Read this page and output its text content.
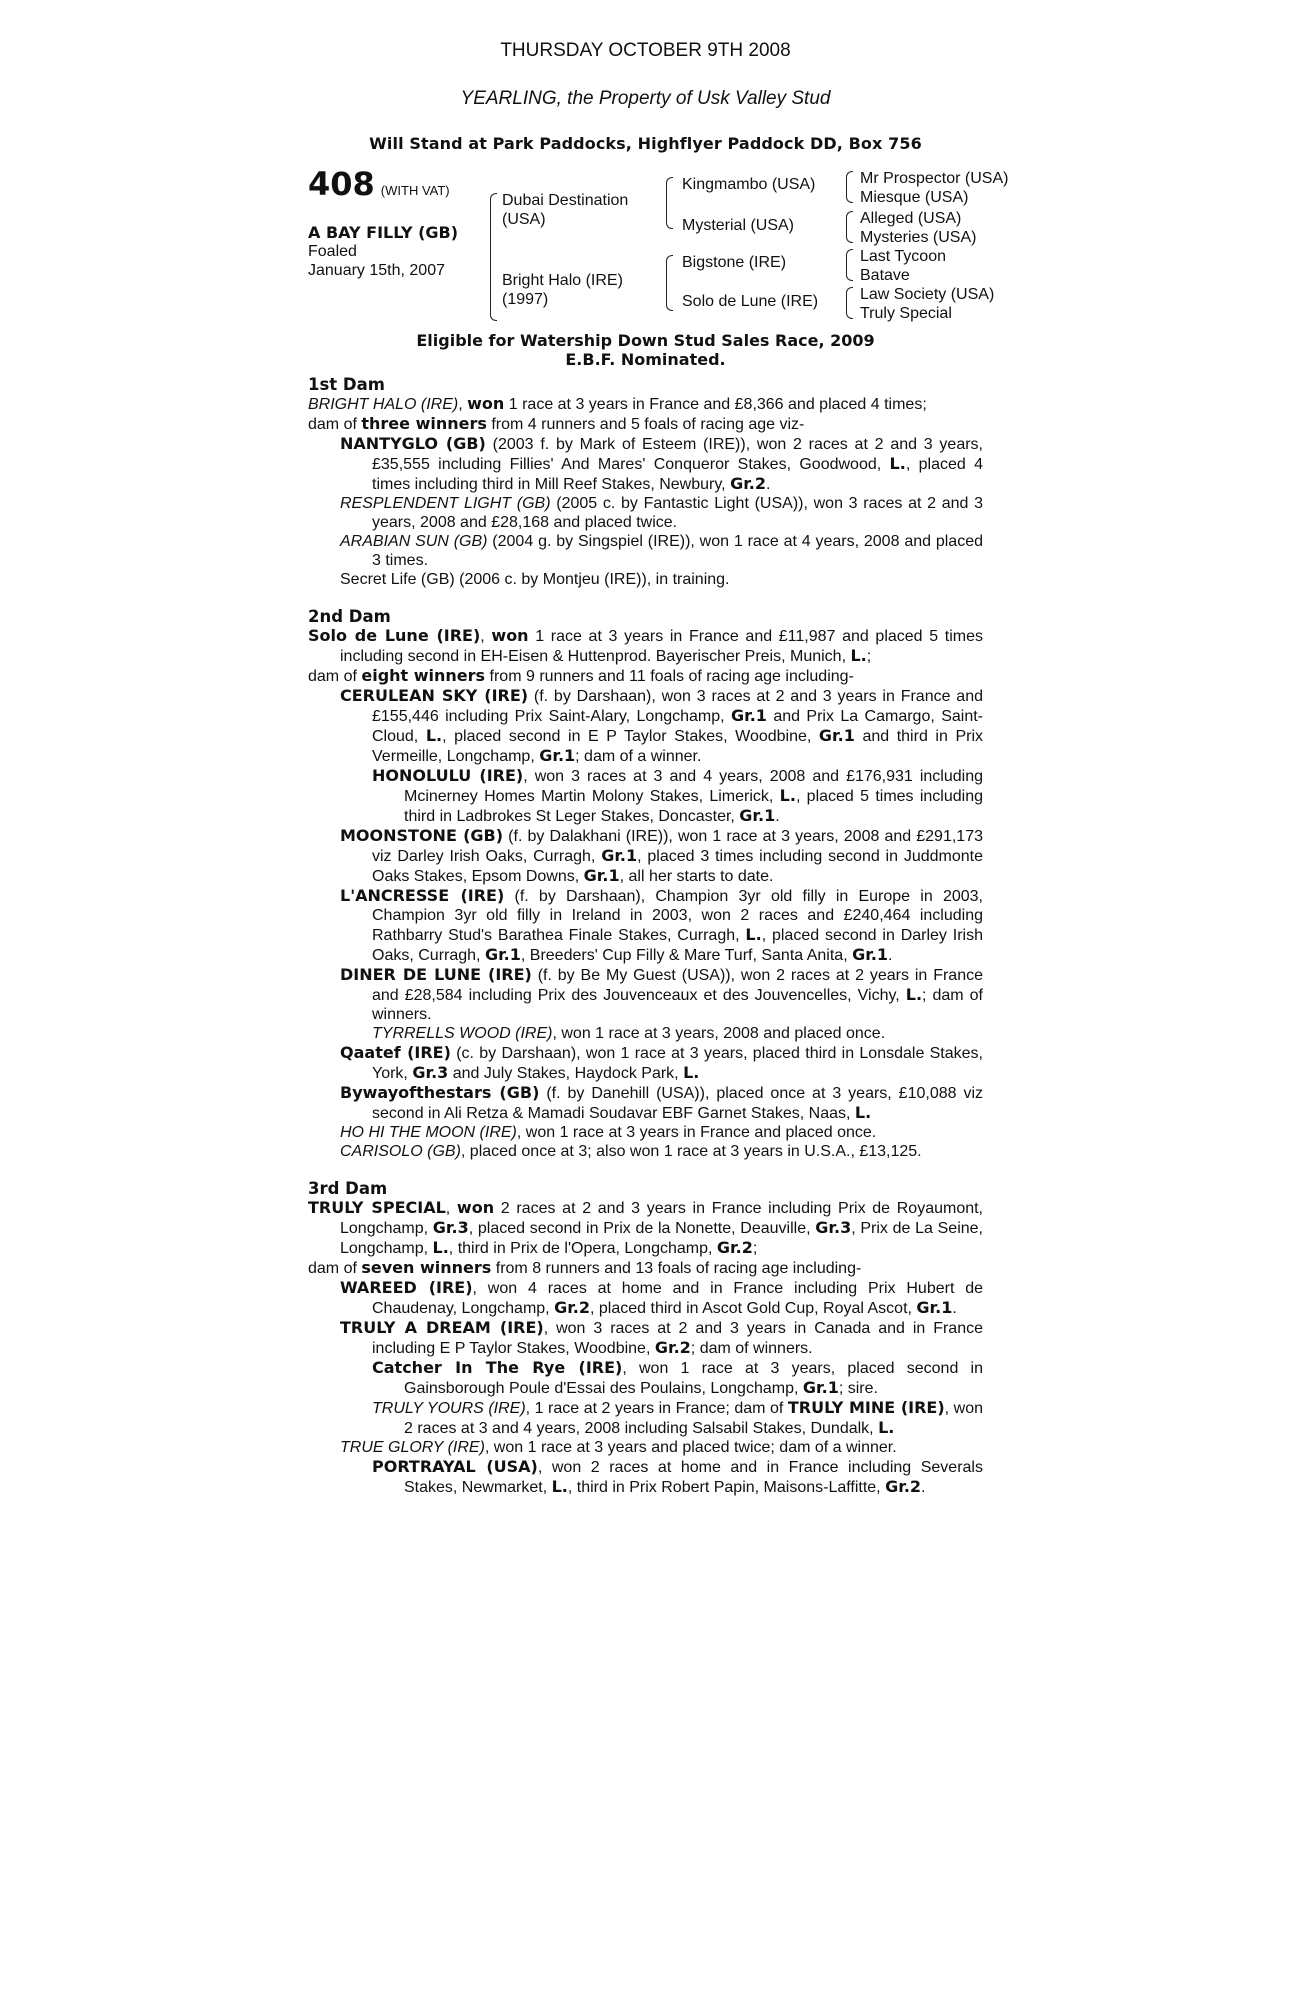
THURSDAY OCTOBER 9TH 2008
YEARLING, the Property of Usk Valley Stud
Will Stand at Park Paddocks, Highflyer Paddock DD, Box 756
408 (WITH VAT)
A BAY FILLY (GB)
Foaled
January 15th, 2007
Dubai Destination
(USA)
Bright Halo (IRE)
(1997)
Kingmambo (USA)
Mysterial (USA)
Bigstone (IRE)
Solo de Lune (IRE)
Mr Prospector (USA)
Miesque (USA)
Alleged (USA)
Mysteries (USA)
Last Tycoon
Batave
Law Society (USA)
Truly Special

Eligible for Watership Down Stud Sales Race, 2009

E.B.F. Nominated.

1st Dam

BRIGHT HALO (IRE), won 1 race at 3 years in France and £8,366 and placed 4 times;

dam of three winners from 4 runners and 5 foals of racing age viz-

NANTYGLO (GB) (2003 f. by Mark of Esteem (IRE)), won 2 races at 2 and 3 years, £35,555 including Fillies' And Mares' Conqueror Stakes, Goodwood, L., placed 4 times including third in Mill Reef Stakes, Newbury, Gr.2.

RESPLENDENT LIGHT (GB) (2005 c. by Fantastic Light (USA)), won 3 races at 2 and 3 years, 2008 and £28,168 and placed twice.

ARABIAN SUN (GB) (2004 g. by Singspiel (IRE)), won 1 race at 4 years, 2008 and placed 3 times.

Secret Life (GB) (2006 c. by Montjeu (IRE)), in training.

2nd Dam

Solo de Lune (IRE), won 1 race at 3 years in France and £11,987 and placed 5 times including second in EH-Eisen & Huttenprod. Bayerischer Preis, Munich, L.;

dam of eight winners from 9 runners and 11 foals of racing age including-

CERULEAN SKY (IRE) (f. by Darshaan), won 3 races at 2 and 3 years in France and £155,446 including Prix Saint-Alary, Longchamp, Gr.1 and Prix La Camargo, Saint-Cloud, L., placed second in E P Taylor Stakes, Woodbine, Gr.1 and third in Prix Vermeille, Longchamp, Gr.1; dam of a winner.

HONOLULU (IRE), won 3 races at 3 and 4 years, 2008 and £176,931 including Mcinerney Homes Martin Molony Stakes, Limerick, L., placed 5 times including third in Ladbrokes St Leger Stakes, Doncaster, Gr.1.

MOONSTONE (GB) (f. by Dalakhani (IRE)), won 1 race at 3 years, 2008 and £291,173 viz Darley Irish Oaks, Curragh, Gr.1, placed 3 times including second in Juddmonte Oaks Stakes, Epsom Downs, Gr.1, all her starts to date.

L'ANCRESSE (IRE) (f. by Darshaan), Champion 3yr old filly in Europe in 2003, Champion 3yr old filly in Ireland in 2003, won 2 races and £240,464 including Rathbarry Stud's Barathea Finale Stakes, Curragh, L., placed second in Darley Irish Oaks, Curragh, Gr.1, Breeders' Cup Filly & Mare Turf, Santa Anita, Gr.1.

DINER DE LUNE (IRE) (f. by Be My Guest (USA)), won 2 races at 2 years in France and £28,584 including Prix des Jouvenceaux et des Jouvencelles, Vichy, L.; dam of winners.

TYRRELLS WOOD (IRE), won 1 race at 3 years, 2008 and placed once.

Qaatef (IRE) (c. by Darshaan), won 1 race at 3 years, placed third in Lonsdale Stakes, York, Gr.3 and July Stakes, Haydock Park, L.

Bywayofthestars (GB) (f. by Danehill (USA)), placed once at 3 years, £10,088 viz second in Ali Retza & Mamadi Soudavar EBF Garnet Stakes, Naas, L.

HO HI THE MOON (IRE), won 1 race at 3 years in France and placed once.

CARISOLO (GB), placed once at 3; also won 1 race at 3 years in U.S.A., £13,125.

3rd Dam

TRULY SPECIAL, won 2 races at 2 and 3 years in France including Prix de Royaumont, Longchamp, Gr.3, placed second in Prix de la Nonette, Deauville, Gr.3, Prix de La Seine, Longchamp, L., third in Prix de l'Opera, Longchamp, Gr.2;

dam of seven winners from 8 runners and 13 foals of racing age including-

WAREED (IRE), won 4 races at home and in France including Prix Hubert de Chaudenay, Longchamp, Gr.2, placed third in Ascot Gold Cup, Royal Ascot, Gr.1.

TRULY A DREAM (IRE), won 3 races at 2 and 3 years in Canada and in France including E P Taylor Stakes, Woodbine, Gr.2; dam of winners.

Catcher In The Rye (IRE), won 1 race at 3 years, placed second in Gainsborough Poule d'Essai des Poulains, Longchamp, Gr.1; sire.

TRULY YOURS (IRE), 1 race at 2 years in France; dam of TRULY MINE (IRE), won 2 races at 3 and 4 years, 2008 including Salsabil Stakes, Dundalk, L.

TRUE GLORY (IRE), won 1 race at 3 years and placed twice; dam of a winner.

PORTRAYAL (USA), won 2 races at home and in France including Severals Stakes, Newmarket, L., third in Prix Robert Papin, Maisons-Laffitte, Gr.2.
